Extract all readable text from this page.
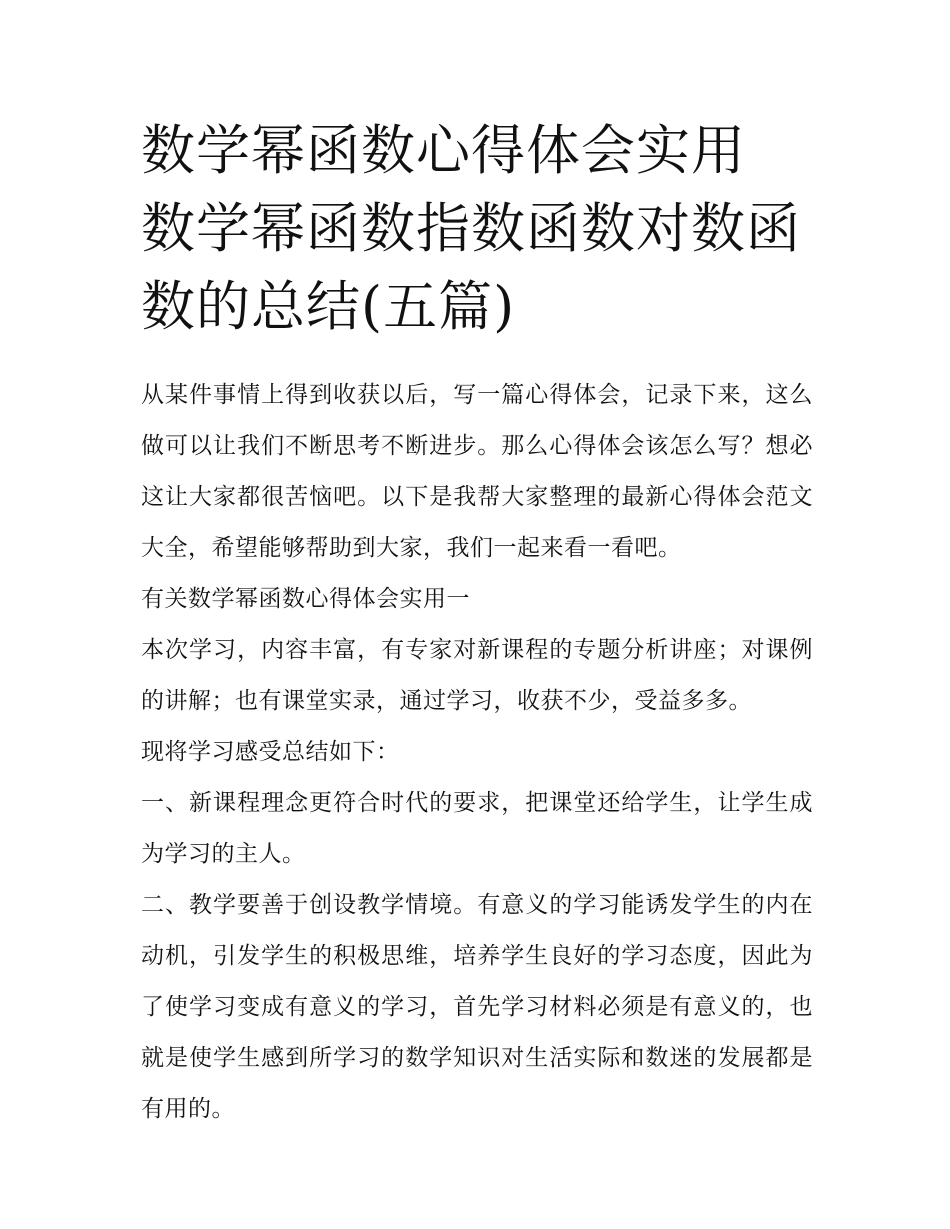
数学幂函数心得体会实用 数学幂函数指数函数对数函数的总结(五篇)

从某件事情上得到收获以后，写一篇心得体会，记录下来，这么做可以让我们不断思考不断进步。那么心得体会该怎么写？想必这让大家都很苦恼吧。以下是我帮大家整理的最新心得体会范文大全，希望能够帮助到大家，我们一起来看一看吧。

有关数学幂函数心得体会实用一

本次学习，内容丰富，有专家对新课程的专题分析讲座；对课例的讲解；也有课堂实录，通过学习，收获不少，受益多多。

现将学习感受总结如下：

一、新课程理念更符合时代的要求，把课堂还给学生，让学生成为学习的主人。

二、教学要善于创设教学情境。有意义的学习能诱发学生的内在动机，引发学生的积极思维，培养学生良好的学习态度，因此为了使学习变成有意义的学习，首先学习材料必须是有意义的，也就是使学生感到所学习的数学知识对生活实际和数迷的发展都是有用的。
